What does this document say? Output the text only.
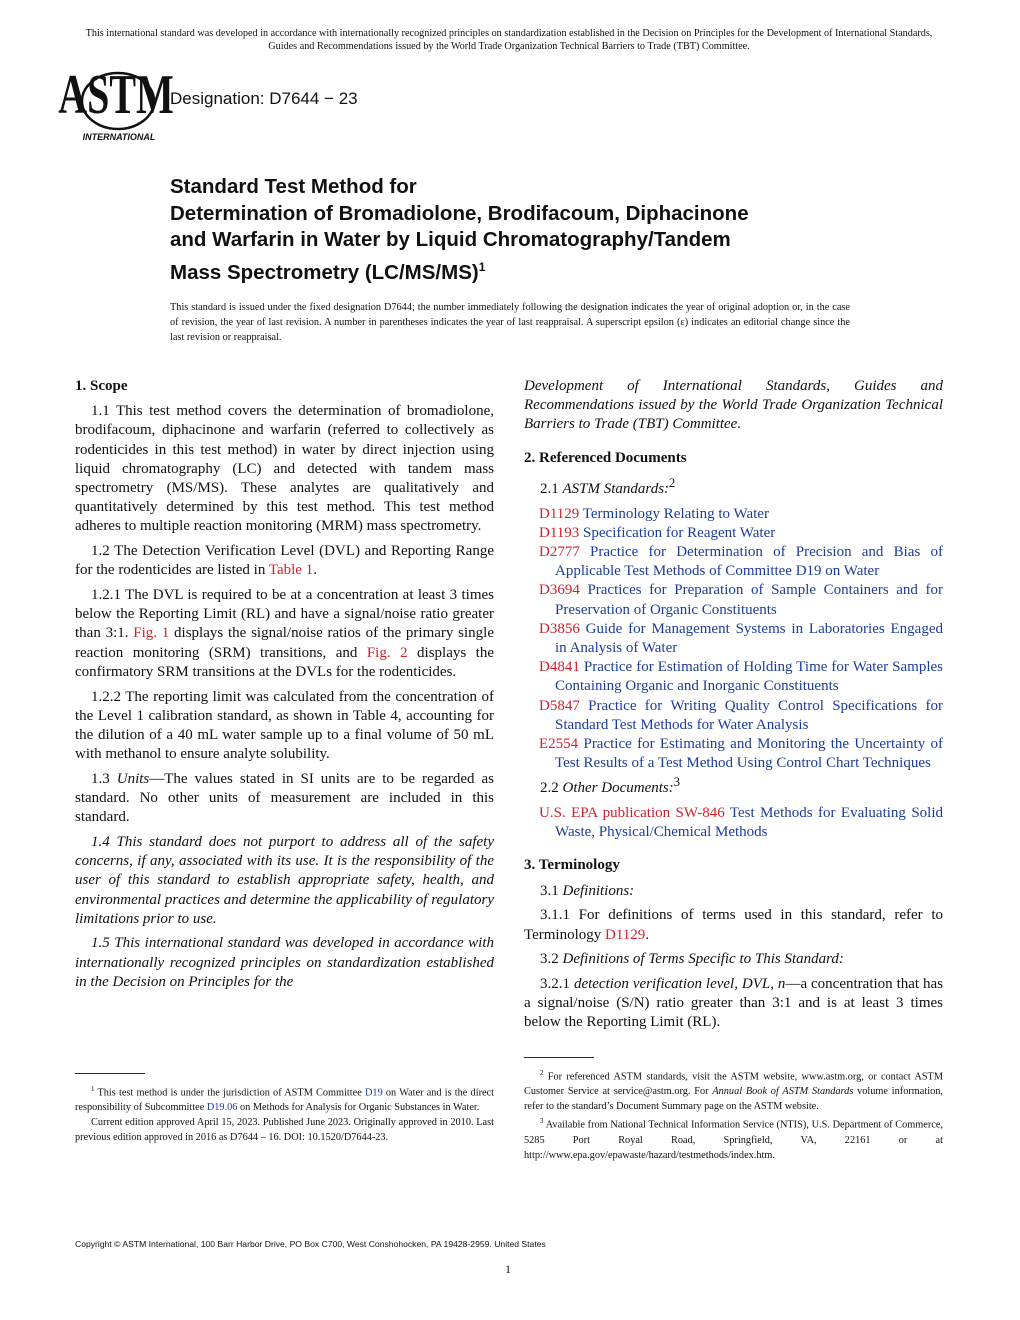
This international standard was developed in accordance with internationally recognized principles on standardization established in the Decision on Principles for the Development of International Standards, Guides and Recommendations issued by the World Trade Organization Technical Barriers to Trade (TBT) Committee.
ASTM
INTERNATIONAL
Designation: D7644 − 23
Standard Test Method for
Determination of Bromadiolone, Brodifacoum, Diphacinone
and Warfarin in Water by Liquid Chromatography/Tandem
Mass Spectrometry $(LC/MS/MS)^1$
This standard is issued under the fixed designation D7644; the number immediately following the designation indicates the year of original adoption or, in the case of revision, the year of last revision. A number in parentheses indicates the year of last reappraisal. A superscript epsilon (ε) indicates an editorial change since the last revision or reappraisal.
1. Scope

1.1 This test method covers the determination of bromadiolone, brodifacoum, diphacinone and warfarin (referred to collectively as rodenticides in this test method) in water by direct injection using liquid chromatography (LC) and detected with tandem mass spectrometry (MS/MS). These analytes are qualitatively and quantitatively determined by this test method. This test method adheres to multiple reaction monitoring (MRM) mass spectrometry.

1.2 The Detection Verification Level (DVL) and Reporting Range for the rodenticides are listed in Table 1.

1.2.1 The DVL is required to be at a concentration at least 3 times below the Reporting Limit (RL) and have a signal/noise ratio greater than 3:1. Fig. 1 displays the signal/noise ratios of the primary single reaction monitoring (SRM) transitions, and Fig. 2 displays the confirmatory SRM transitions at the DVLs for the rodenticides.

1.2.2 The reporting limit was calculated from the concentration of the Level 1 calibration standard, as shown in Table 4, accounting for the dilution of a 40 mL water sample up to a final volume of 50 mL with methanol to ensure analyte solubility.

1.3 Units—The values stated in SI units are to be regarded as standard. No other units of measurement are included in this standard.

1.4 This standard does not purport to address all of the safety concerns, if any, associated with its use. It is the responsibility of the user of this standard to establish appropriate safety, health, and environmental practices and determine the applicability of regulatory limitations prior to use.

1.5 This international standard was developed in accordance with internationally recognized principles on standardization established in the Decision on Principles for the

Development of International Standards, Guides and Recommendations issued by the World Trade Organization Technical Barriers to Trade (TBT) Committee.

2. Referenced Documents

2.1 ASTM Standards:$^2$

D1129 Terminology Relating to Water

D1193 Specification for Reagent Water

D2777 Practice for Determination of Precision and Bias of Applicable Test Methods of Committee D19 on Water

D3694 Practices for Preparation of Sample Containers and for Preservation of Organic Constituents

D3856 Guide for Management Systems in Laboratories Engaged in Analysis of Water

D4841 Practice for Estimation of Holding Time for Water Samples Containing Organic and Inorganic Constituents

D5847 Practice for Writing Quality Control Specifications for Standard Test Methods for Water Analysis

E2554 Practice for Estimating and Monitoring the Uncertainty of Test Results of a Test Method Using Control Chart Techniques

2.2 Other Documents:$^3$

U.S. EPA publication SW-846 Test Methods for Evaluating Solid Waste, Physical/Chemical Methods

3. Terminology

3.1 Definitions:

3.1.1 For definitions of terms used in this standard, refer to Terminology D1129.

3.2 Definitions of Terms Specific to This Standard:

3.2.1 detection verification level, DVL, n—a concentration that has a signal/noise (S/N) ratio greater than 3:1 and is at least 3 times below the Reporting Limit (RL).

$^1$ This test method is under the jurisdiction of ASTM Committee D19 on Water and is the direct responsibility of Subcommittee D19.06 on Methods for Analysis for Organic Substances in Water.

Current edition approved April 15, 2023. Published June 2023. Originally approved in 2010. Last previous edition approved in 2016 as D7644 – 16. DOI: 10.1520/D7644-23.

$^2$ For referenced ASTM standards, visit the ASTM website, www.astm.org, or contact ASTM Customer Service at service@astm.org. For Annual Book of ASTM Standards volume information, refer to the standard’s Document Summary page on the ASTM website.

$^3$ Available from National Technical Information Service (NTIS), U.S. Department of Commerce, 5285 Port Royal Road, Springfield, VA, 22161 or at http://www.epa.gov/epawaste/hazard/testmethods/index.htm.

Copyright © ASTM International, 100 Barr Harbor Drive, PO Box C700, West Conshohocken, PA 19428-2959. United States
1
